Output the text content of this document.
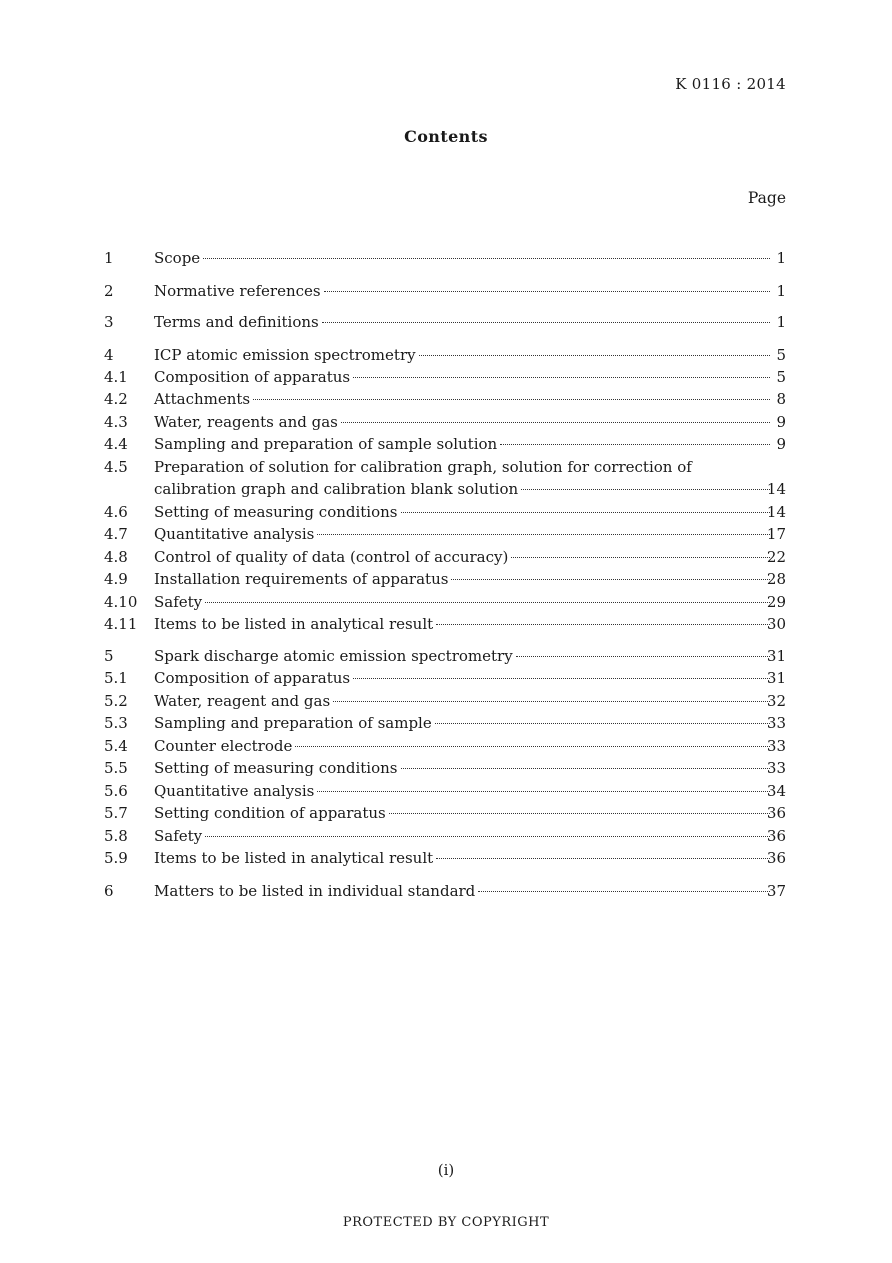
K 0116 : 2014
Contents
Page
1	Scope	1
2	Normative references	1
3	Terms and definitions	1
4	ICP atomic emission spectrometry	5
4.1 Composition of apparatus	5
4.2 Attachments	8
4.3 Water, reagents and gas	9
4.4 Sampling and preparation of sample solution	9
4.5 Preparation of solution for calibration graph, solution for correction of
calibration graph and calibration blank solution	14
4.6 Setting of measuring conditions	14
4.7 Quantitative analysis	17
4.8 Control of quality of data (control of accuracy)	22
4.9 Installation requirements of apparatus	28
4.10 Safety	29
4.11 Items to be listed in analytical result	30
5	Spark discharge atomic emission spectrometry	31
5.1 Composition of apparatus	31
5.2 Water, reagent and gas	32
5.3 Sampling and preparation of sample	33
5.4 Counter electrode	33
5.5 Setting of measuring conditions	33
5.6 Quantitative analysis	34
5.7 Setting condition of apparatus	36
5.8 Safety	36
5.9 Items to be listed in analytical result	36
6	Matters to be listed in individual standard	37
(i)
PROTECTED BY COPYRIGHT
